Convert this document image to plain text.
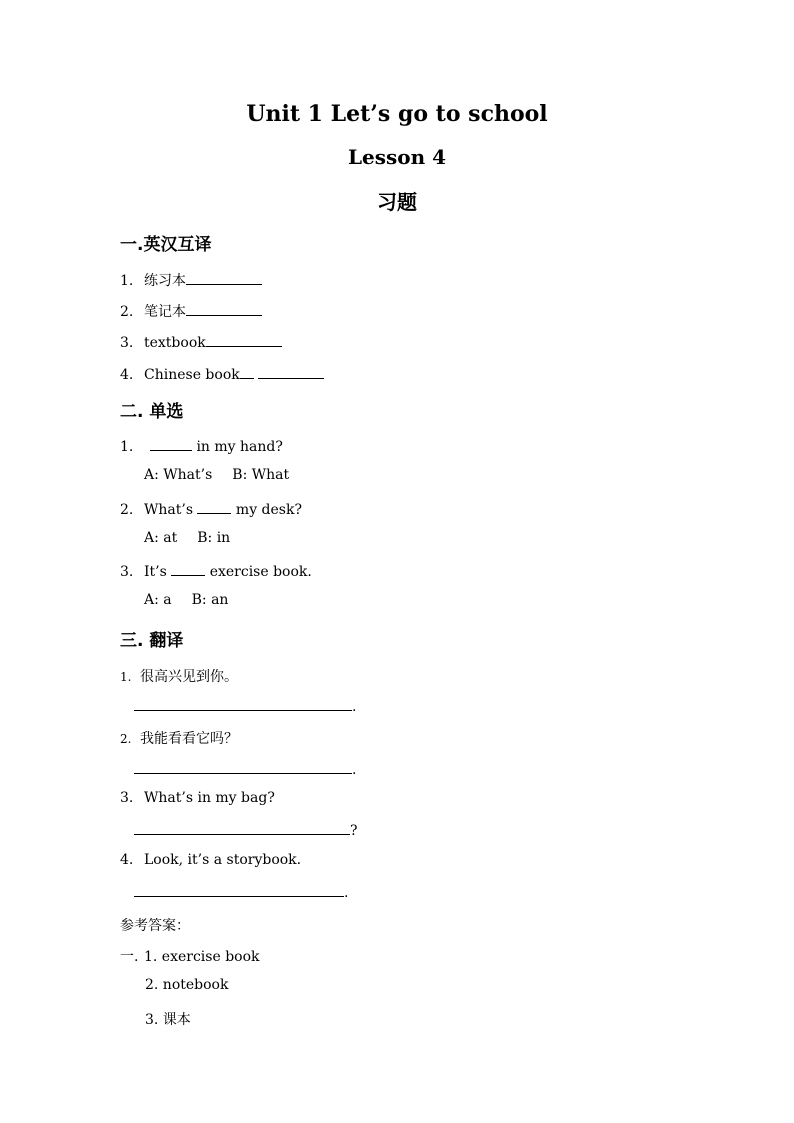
Unit 1 Let’s go to school
Lesson 4
习题
一.英汉互译
1. 练习本
2. 笔记本
3. textbook
4. Chinese book
二. 单选
1.	in my hand?
A: What’s B: What
2. What’s  my desk?
A: at B: in
3. It’s  exercise book.
A: a B: an
三. 翻译
1. 很高兴见到你。
.
2. 我能看看它吗？
.
3. What’s in my bag?
?
4. Look, it’s a storybook.
.
参考答案：
一. 1. exercise book
2. notebook
3. 课本
